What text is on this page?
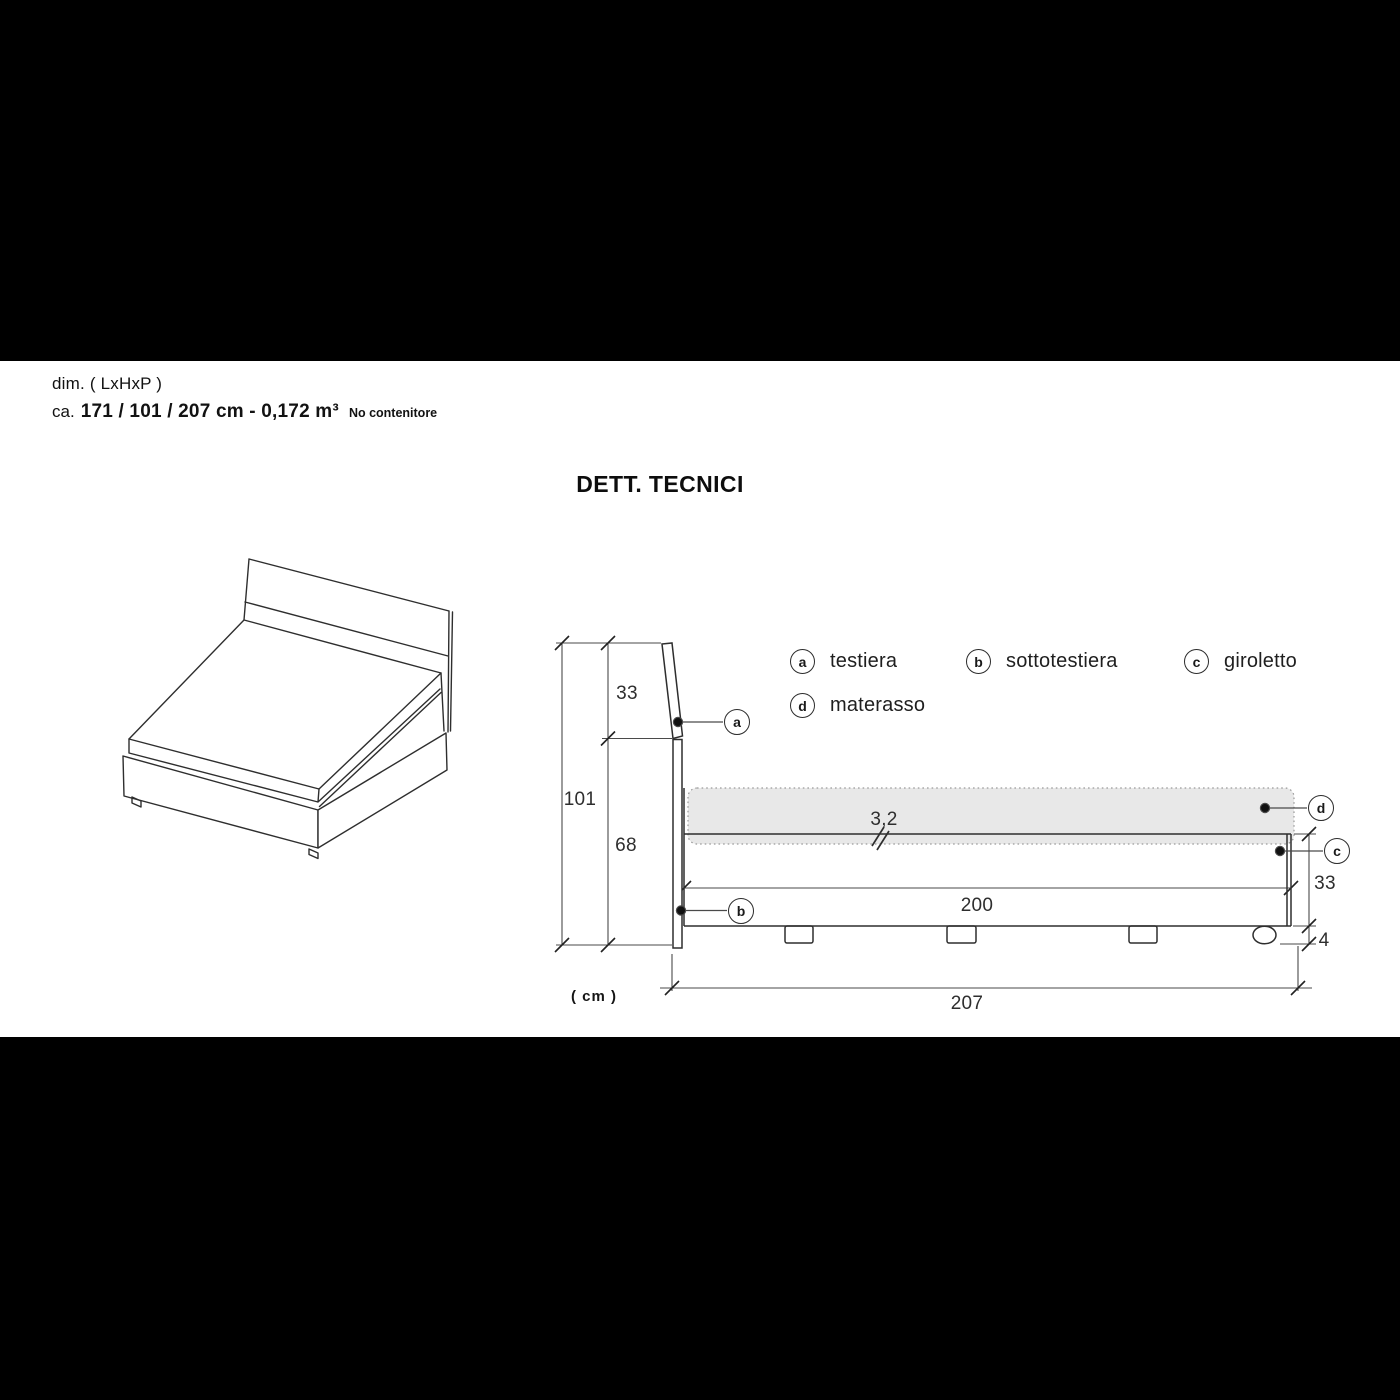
dim. ( LxHxP )
ca. 171 / 101 / 207 cm - 0,172 m³ No contenitore
DETT. TECNICI
a	testiera	b	sottotestiera	c	giroletto
d	materasso
a
b
c
d
33
101
68
3,2
200
33
4
207
( cm )
